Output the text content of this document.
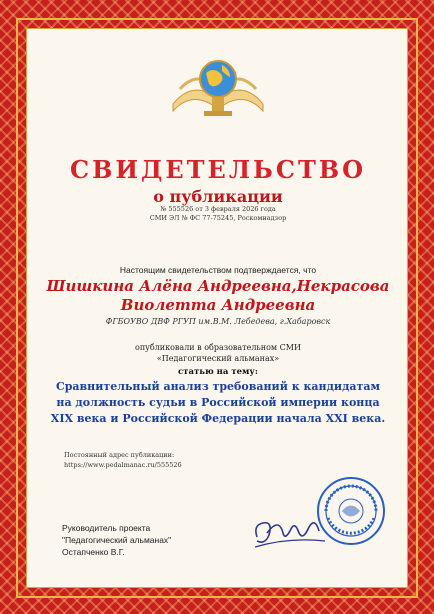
СВИДЕТЕЛЬСТВО
о публикации
№ 555526 от 3 февраля 2026 года
СМИ ЭЛ № ФС 77-75245, Роскомнадзор
Настоящим свидетельством подтверждается, что
Шишкина Алёна Андреевна,Некрасова
Виолетта Андреевна
ФГБОУВО ДВФ РГУП им.В.М. Лебедева, г.Хабаровск
опубликовали в образовательном СМИ
«Педагогический альманах»
статью на тему:
Сравнительный анализ требований к кандидатам на должность судьи в Российской империи конца XIX века и Российской Федерации начала XXI века.
Постоянный адрес публикации:
https://www.pedalmanac.ru/555526
Руководитель проекта
"Педагогический альманах"
Остапченко В.Г.
